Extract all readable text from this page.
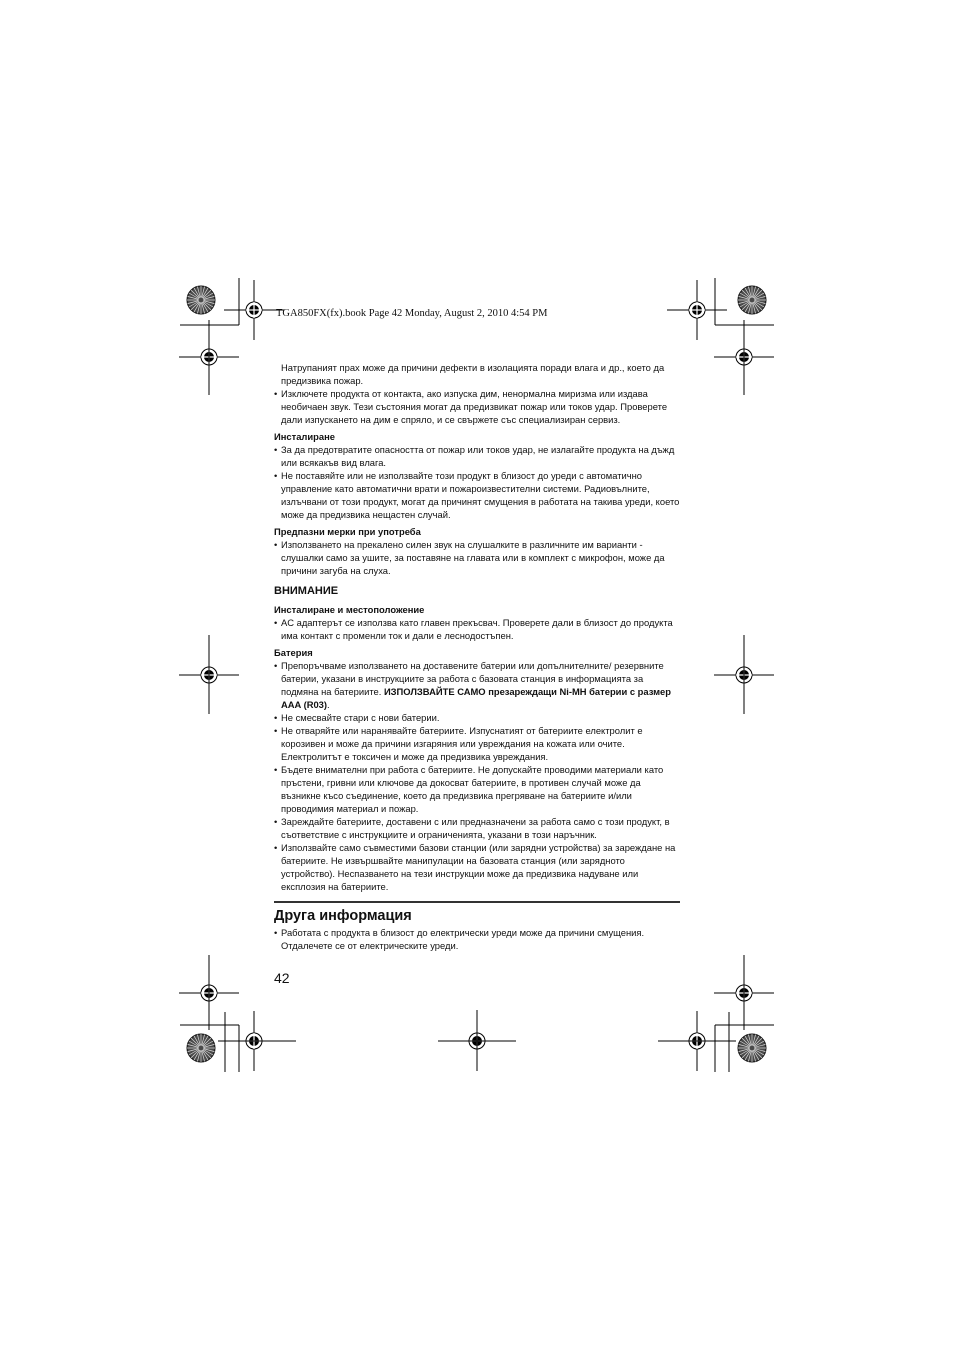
TGA850FX(fx).book Page 42 Monday, August 2, 2010 4:54 PM

Натрупаният прах може да причини дефекти в изолацията поради влага и др., което да предизвика пожар.

• Изключете продукта от контакта, ако изпуска дим, ненормална миризма или издава необичаен звук. Тези състояния могат да предизвикат пожар или токов удар. Проверете дали изпускането на дим е спряло, и се свържете със специализиран сервиз.

Инсталиране

• За да предотвратите опасността от пожар или токов удар, не излагайте продукта на дъжд или всякакъв вид влага.

• Не поставяйте или не използвайте този продукт в близост до уреди с автоматично управление като автоматични врати и пожароизвестителни системи. Радиовълните, излъчвани от този продукт, могат да причинят смущения в работата на такива уреди, което може да предизвика нещастен случай.

Предпазни мерки при употреба

• Използването на прекалено силен звук на слушалките в различните им варианти - слушалки само за ушите, за поставяне на главата или в комплект с микрофон, може да причини загуба на слуха.

ВНИМАНИЕ

Инсталиране и местоположение

• AC адаптерът се използва като главен прекъсвач. Проверете дали в близост до продукта има контакт с променли ток и дали е леснодостъпен.

Батерия

• Препоръчваме използването на доставените батерии или допълнителните/ резервните батерии, указани в инструкциите за работа с базовата станция в информацията за подмяна на батериите. ИЗПОЛЗВАЙТЕ САМО презареждащи Ni-MH батерии с размер AAA (R03).

• Не смесвайте стари с нови батерии.

• Не отваряйте или наранявайте батериите. Изпуснатият от батериите електролит е корозивен и може да причини изгаряния или увреждания на кожата или очите. Електролитът е токсичен и може да предизвика увреждания.

• Бъдете внимателни при работа с батериите. Не допускайте проводими материали като пръстени, гривни или ключове да докосват батериите, в противен случай може да възникне късо съединение, което да предизвика прегряване на батериите и/или проводимия материал и пожар.

• Зареждайте батериите, доставени с или предназначени за работа само с този продукт, в съответствие с инструкциите и ограниченията, указани в този наръчник.

• Използвайте само съвместими базови станции (или зарядни устройства) за зареждане на батериите. Не извършвайте манипулации на базовата станция (или зарядното устройство). Неспазването на тези инструкции може да предизвика надуване или експлозия на батериите.

Друга информация

• Работата с продукта в близост до електрически уреди може да причини смущения. Отдалечете се от електрическите уреди.

42
